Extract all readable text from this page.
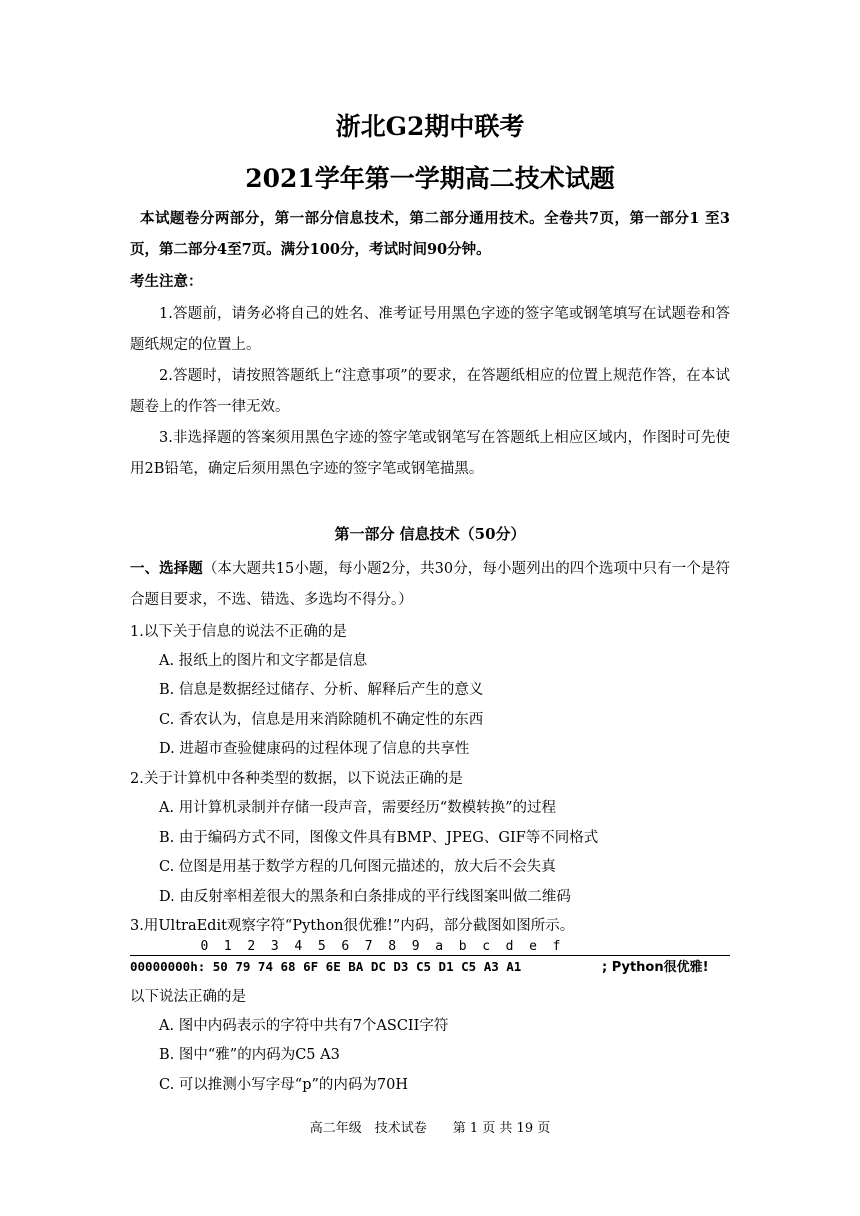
浙北G2期中联考
2021学年第一学期高二技术试题
本试题卷分两部分，第一部分信息技术，第二部分通用技术。全卷共7页，第一部分1 至3页，第二部分4至7页。满分100分，考试时间90分钟。
考生注意：
1.答题前，请务必将自己的姓名、准考证号用黑色字迹的签字笔或钢笔填写在试题卷和答题纸规定的位置上。
2.答题时，请按照答题纸上“注意事项”的要求，在答题纸相应的位置上规范作答，在本试题卷上的作答一律无效。
3.非选择题的答案须用黑色字迹的签字笔或钢笔写在答题纸上相应区域内，作图时可先使用2B铅笔，确定后须用黑色字迹的签字笔或钢笔描黑。
第一部分 信息技术（50分）
一、选择题（本大题共15小题，每小题2分，共30分，每小题列出的四个选项中只有一个是符合题目要求，不选、错选、多选均不得分。）
1.以下关于信息的说法不正确的是
A. 报纸上的图片和文字都是信息
B. 信息是数据经过储存、分析、解释后产生的意义
C. 香农认为，信息是用来消除随机不确定性的东西
D. 进超市查验健康码的过程体现了信息的共享性
2.关于计算机中各种类型的数据，以下说法正确的是
A. 用计算机录制并存储一段声音，需要经历“数模转换”的过程
B. 由于编码方式不同，图像文件具有BMP、JPEG、GIF等不同格式
C. 位图是用基于数学方程的几何图元描述的，放大后不会失真
D. 由反射率相差很大的黑条和白条排成的平行线图案叫做二维码
3.用UltraEdit观察字符“Python很优雅!”内码，部分截图如图所示。
0  1  2  3  4  5  6  7  8  9  a  b  c  d  e  f
00000000h: 50 79 74 68 6F 6E BA DC D3 C5 D1 C5 A3 A1	; Python很优雅!
以下说法正确的是
A. 图中内码表示的字符中共有7个ASCII字符
B. 图中“雅”的内码为C5 A3
C. 可以推测小写字母“p”的内码为70H
高二年级　技术试卷　　第 1 页 共 19 页
